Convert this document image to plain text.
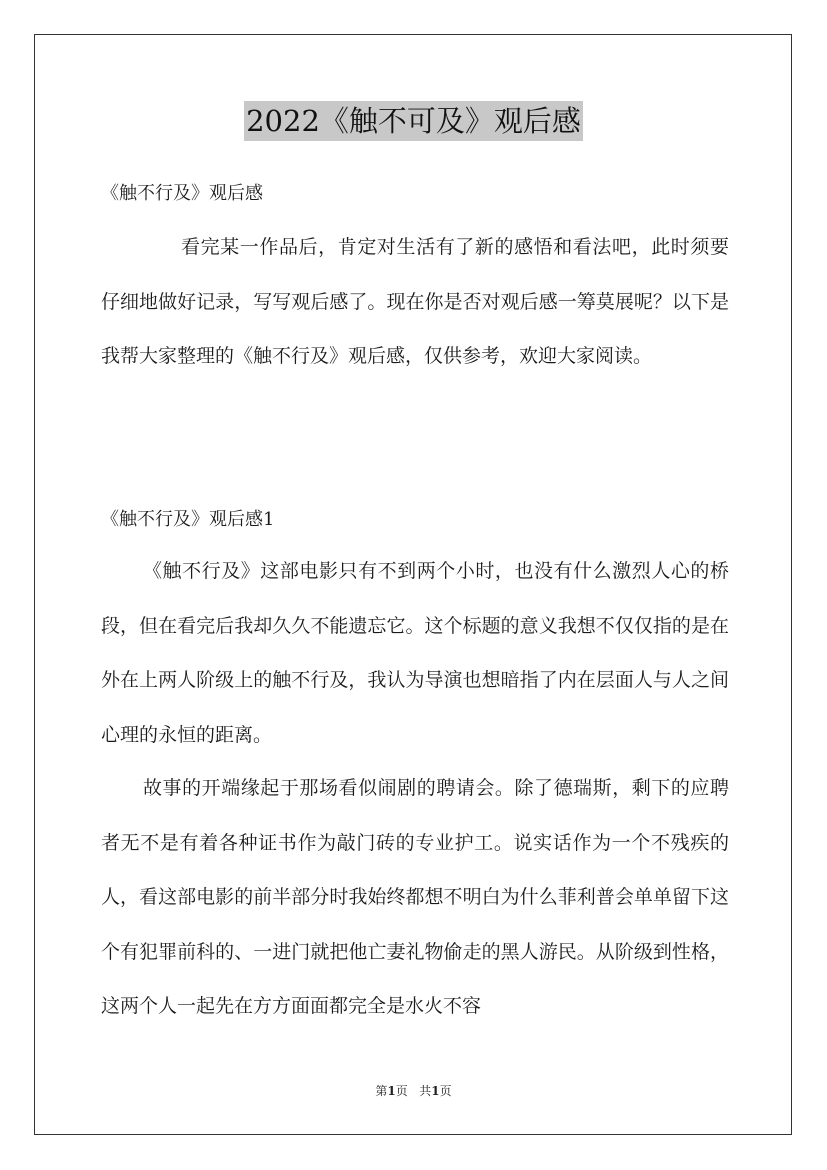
2022《触不可及》观后感

《触不行及》观后感

看完某一作品后，肯定对生活有了新的感悟和看法吧，此时须要仔细地做好记录，写写观后感了。现在你是否对观后感一筹莫展呢？以下是我帮大家整理的《触不行及》观后感，仅供参考，欢迎大家阅读。

《触不行及》观后感1

《触不行及》这部电影只有不到两个小时，也没有什么激烈人心的桥段，但在看完后我却久久不能遗忘它。这个标题的意义我想不仅仅指的是在外在上两人阶级上的触不行及，我认为导演也想暗指了内在层面人与人之间心理的永恒的距离。

故事的开端缘起于那场看似闹剧的聘请会。除了德瑞斯，剩下的应聘者无不是有着各种证书作为敲门砖的专业护工。说实话作为一个不残疾的人，看这部电影的前半部分时我始终都想不明白为什么菲利普会单单留下这个有犯罪前科的、一进门就把他亡妻礼物偷走的黑人游民。从阶级到性格，这两个人一起先在方方面面都完全是水火不容

第1页 共1页
